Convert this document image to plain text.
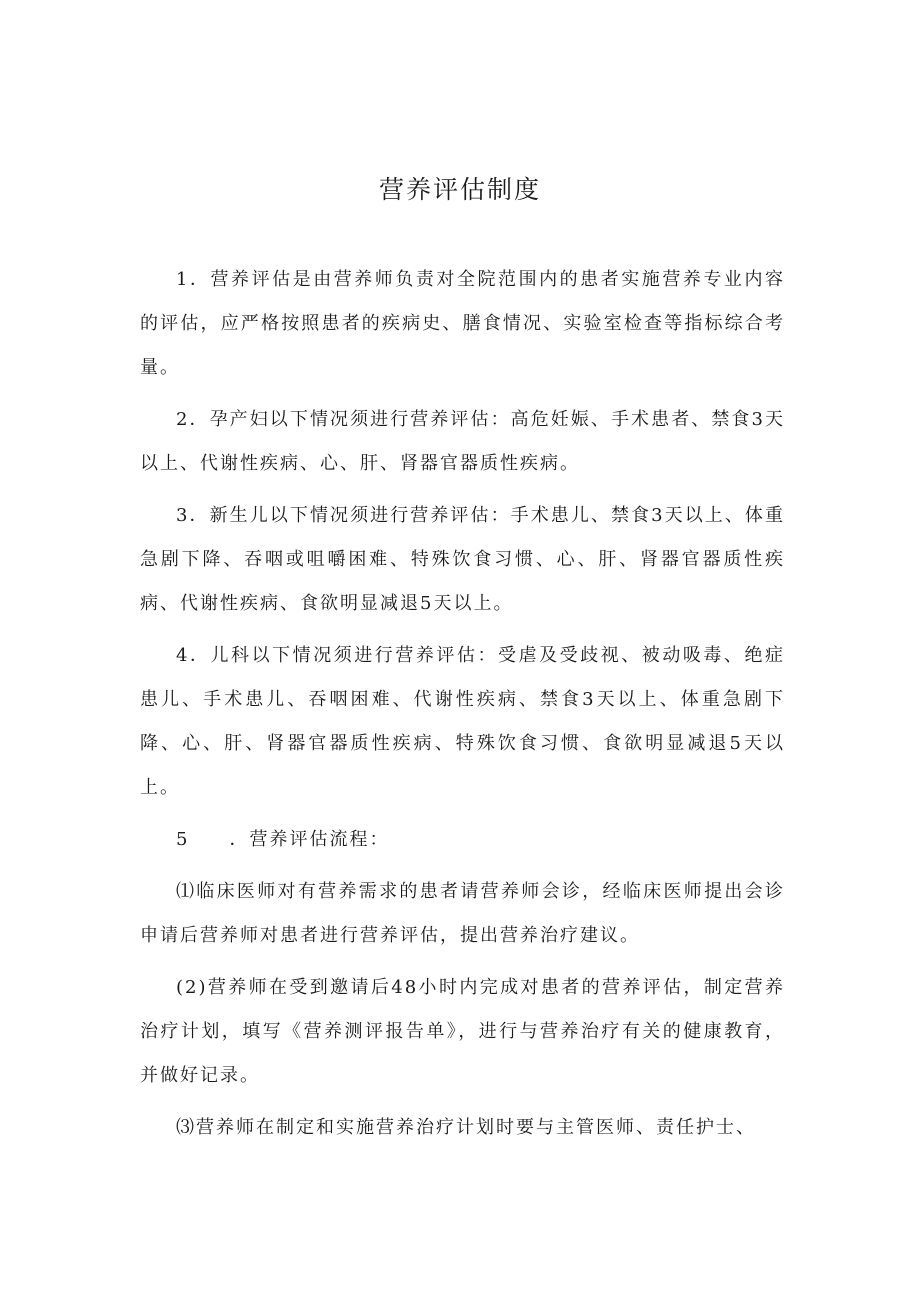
营养评估制度

1．营养评估是由营养师负责对全院范围内的患者实施营养专业内容的评估，应严格按照患者的疾病史、膳食情况、实验室检查等指标综合考量。

2．孕产妇以下情况须进行营养评估：高危妊娠、手术患者、禁食3天以上、代谢性疾病、心、肝、肾器官器质性疾病。

3．新生儿以下情况须进行营养评估：手术患儿、禁食3天以上、体重急剧下降、吞咽或咀嚼困难、特殊饮食习惯、心、肝、肾器官器质性疾病、代谢性疾病、食欲明显减退5天以上。

4．儿科以下情况须进行营养评估：受虐及受歧视、被动吸毒、绝症患儿、手术患儿、吞咽困难、代谢性疾病、禁食3天以上、体重急剧下降、心、肝、肾器官器质性疾病、特殊饮食习惯、食欲明显减退5天以上。

5　　．营养评估流程：

⑴临床医师对有营养需求的患者请营养师会诊，经临床医师提出会诊申请后营养师对患者进行营养评估，提出营养治疗建议。

(2)营养师在受到邀请后48小时内完成对患者的营养评估，制定营养治疗计划，填写《营养测评报告单》，进行与营养治疗有关的健康教育，并做好记录。

⑶营养师在制定和实施营养治疗计划时要与主管医师、责任护士、
